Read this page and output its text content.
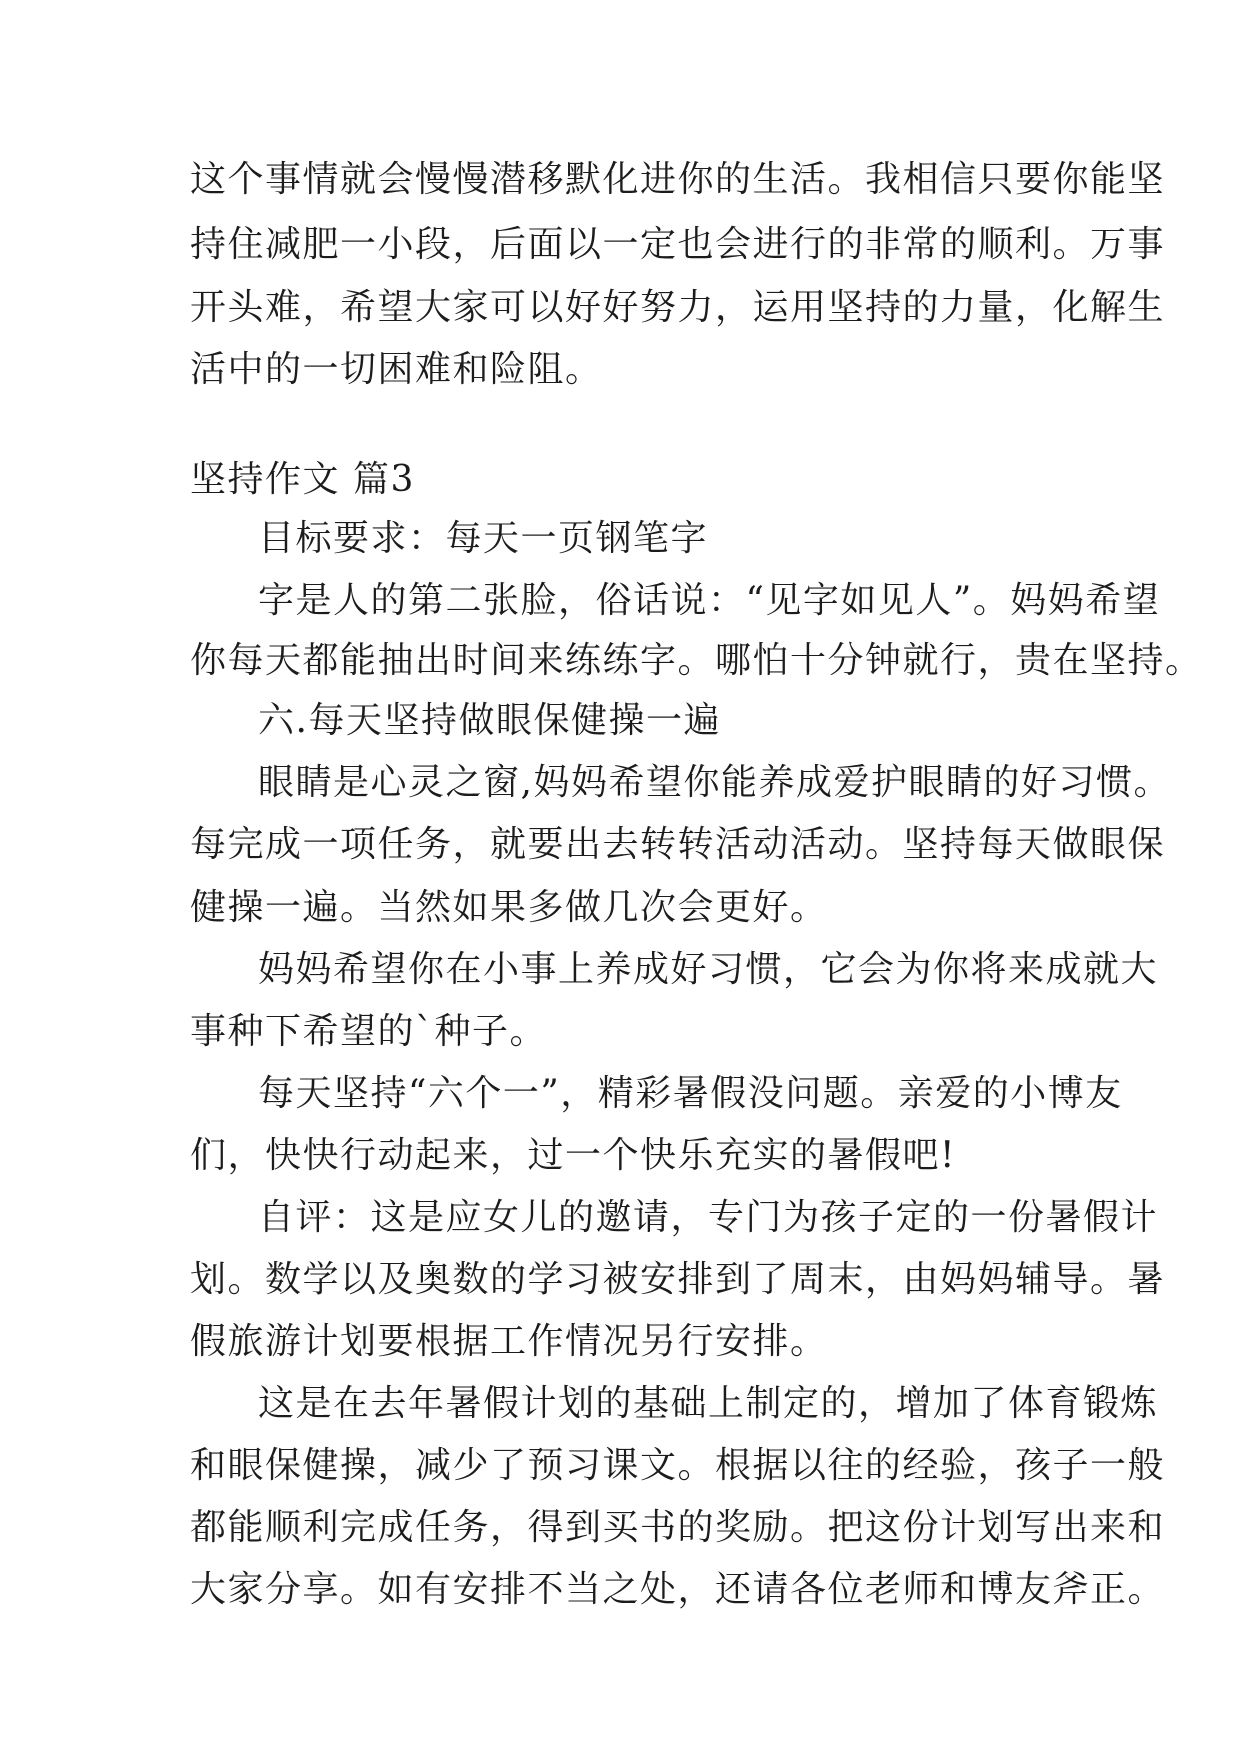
这个事情就会慢慢潜移默化进你的生活。我相信只要你能坚
持住减肥一小段，后面以一定也会进行的非常的顺利。万事
开头难，希望大家可以好好努力，运用坚持的力量，化解生
活中的一切困难和险阻。
坚持作文 篇3
目标要求：每天一页钢笔字
字是人的第二张脸，俗话说：“见字如见人”。妈妈希望
你每天都能抽出时间来练练字。哪怕十分钟就行，贵在坚持。
六.每天坚持做眼保健操一遍
眼睛是心灵之窗,妈妈希望你能养成爱护眼睛的好习惯。
每完成一项任务，就要出去转转活动活动。坚持每天做眼保
健操一遍。当然如果多做几次会更好。
妈妈希望你在小事上养成好习惯，它会为你将来成就大
事种下希望的`种子。
每天坚持“六个一”，精彩暑假没问题。亲爱的小博友
们，快快行动起来，过一个快乐充实的暑假吧!
自评：这是应女儿的邀请，专门为孩子定的一份暑假计
划。数学以及奥数的学习被安排到了周末，由妈妈辅导。暑
假旅游计划要根据工作情况另行安排。
这是在去年暑假计划的基础上制定的，增加了体育锻炼
和眼保健操，减少了预习课文。根据以往的经验，孩子一般
都能顺利完成任务，得到买书的奖励。把这份计划写出来和
大家分享。如有安排不当之处，还请各位老师和博友斧正。
